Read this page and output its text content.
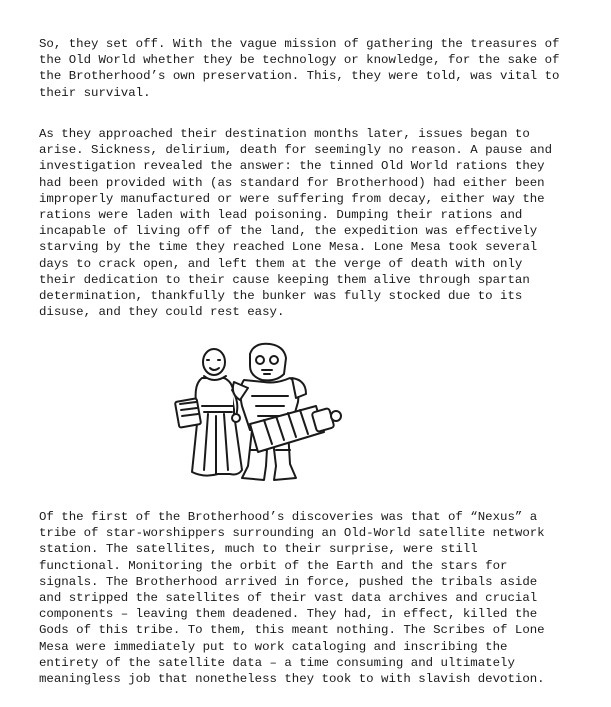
So, they set off. With the vague mission of gathering the treasures of
the Old World whether they be technology or knowledge, for the sake of
the Brotherhood’s own preservation. This, they were told, was vital to
their survival.

As they approached their destination months later, issues began to
arise. Sickness, delirium, death for seemingly no reason. A pause and
investigation revealed the answer: the tinned Old World rations they
had been provided with (as standard for Brotherhood) had either been
improperly manufactured or were suffering from decay, either way the
rations were laden with lead poisoning. Dumping their rations and
incapable of living off of the land, the expedition was effectively
starving by the time they reached Lone Mesa. Lone Mesa took several
days to crack open, and left them at the verge of death with only
their dedication to their cause keeping them alive through spartan
determination, thankfully the bunker was fully stocked due to its
disuse, and they could rest easy.

Of the first of the Brotherhood’s discoveries was that of “Nexus” a
tribe of star-worshippers surrounding an Old-World satellite network
station. The satellites, much to their surprise, were still
functional. Monitoring the orbit of the Earth and the stars for
signals. The Brotherhood arrived in force, pushed the tribals aside
and stripped the satellites of their vast data archives and crucial
components – leaving them deadened. They had, in effect, killed the
Gods of this tribe. To them, this meant nothing. The Scribes of Lone
Mesa were immediately put to work cataloging and inscribing the
entirety of the satellite data – a time consuming and ultimately
meaningless job that nonetheless they took to with slavish devotion.
